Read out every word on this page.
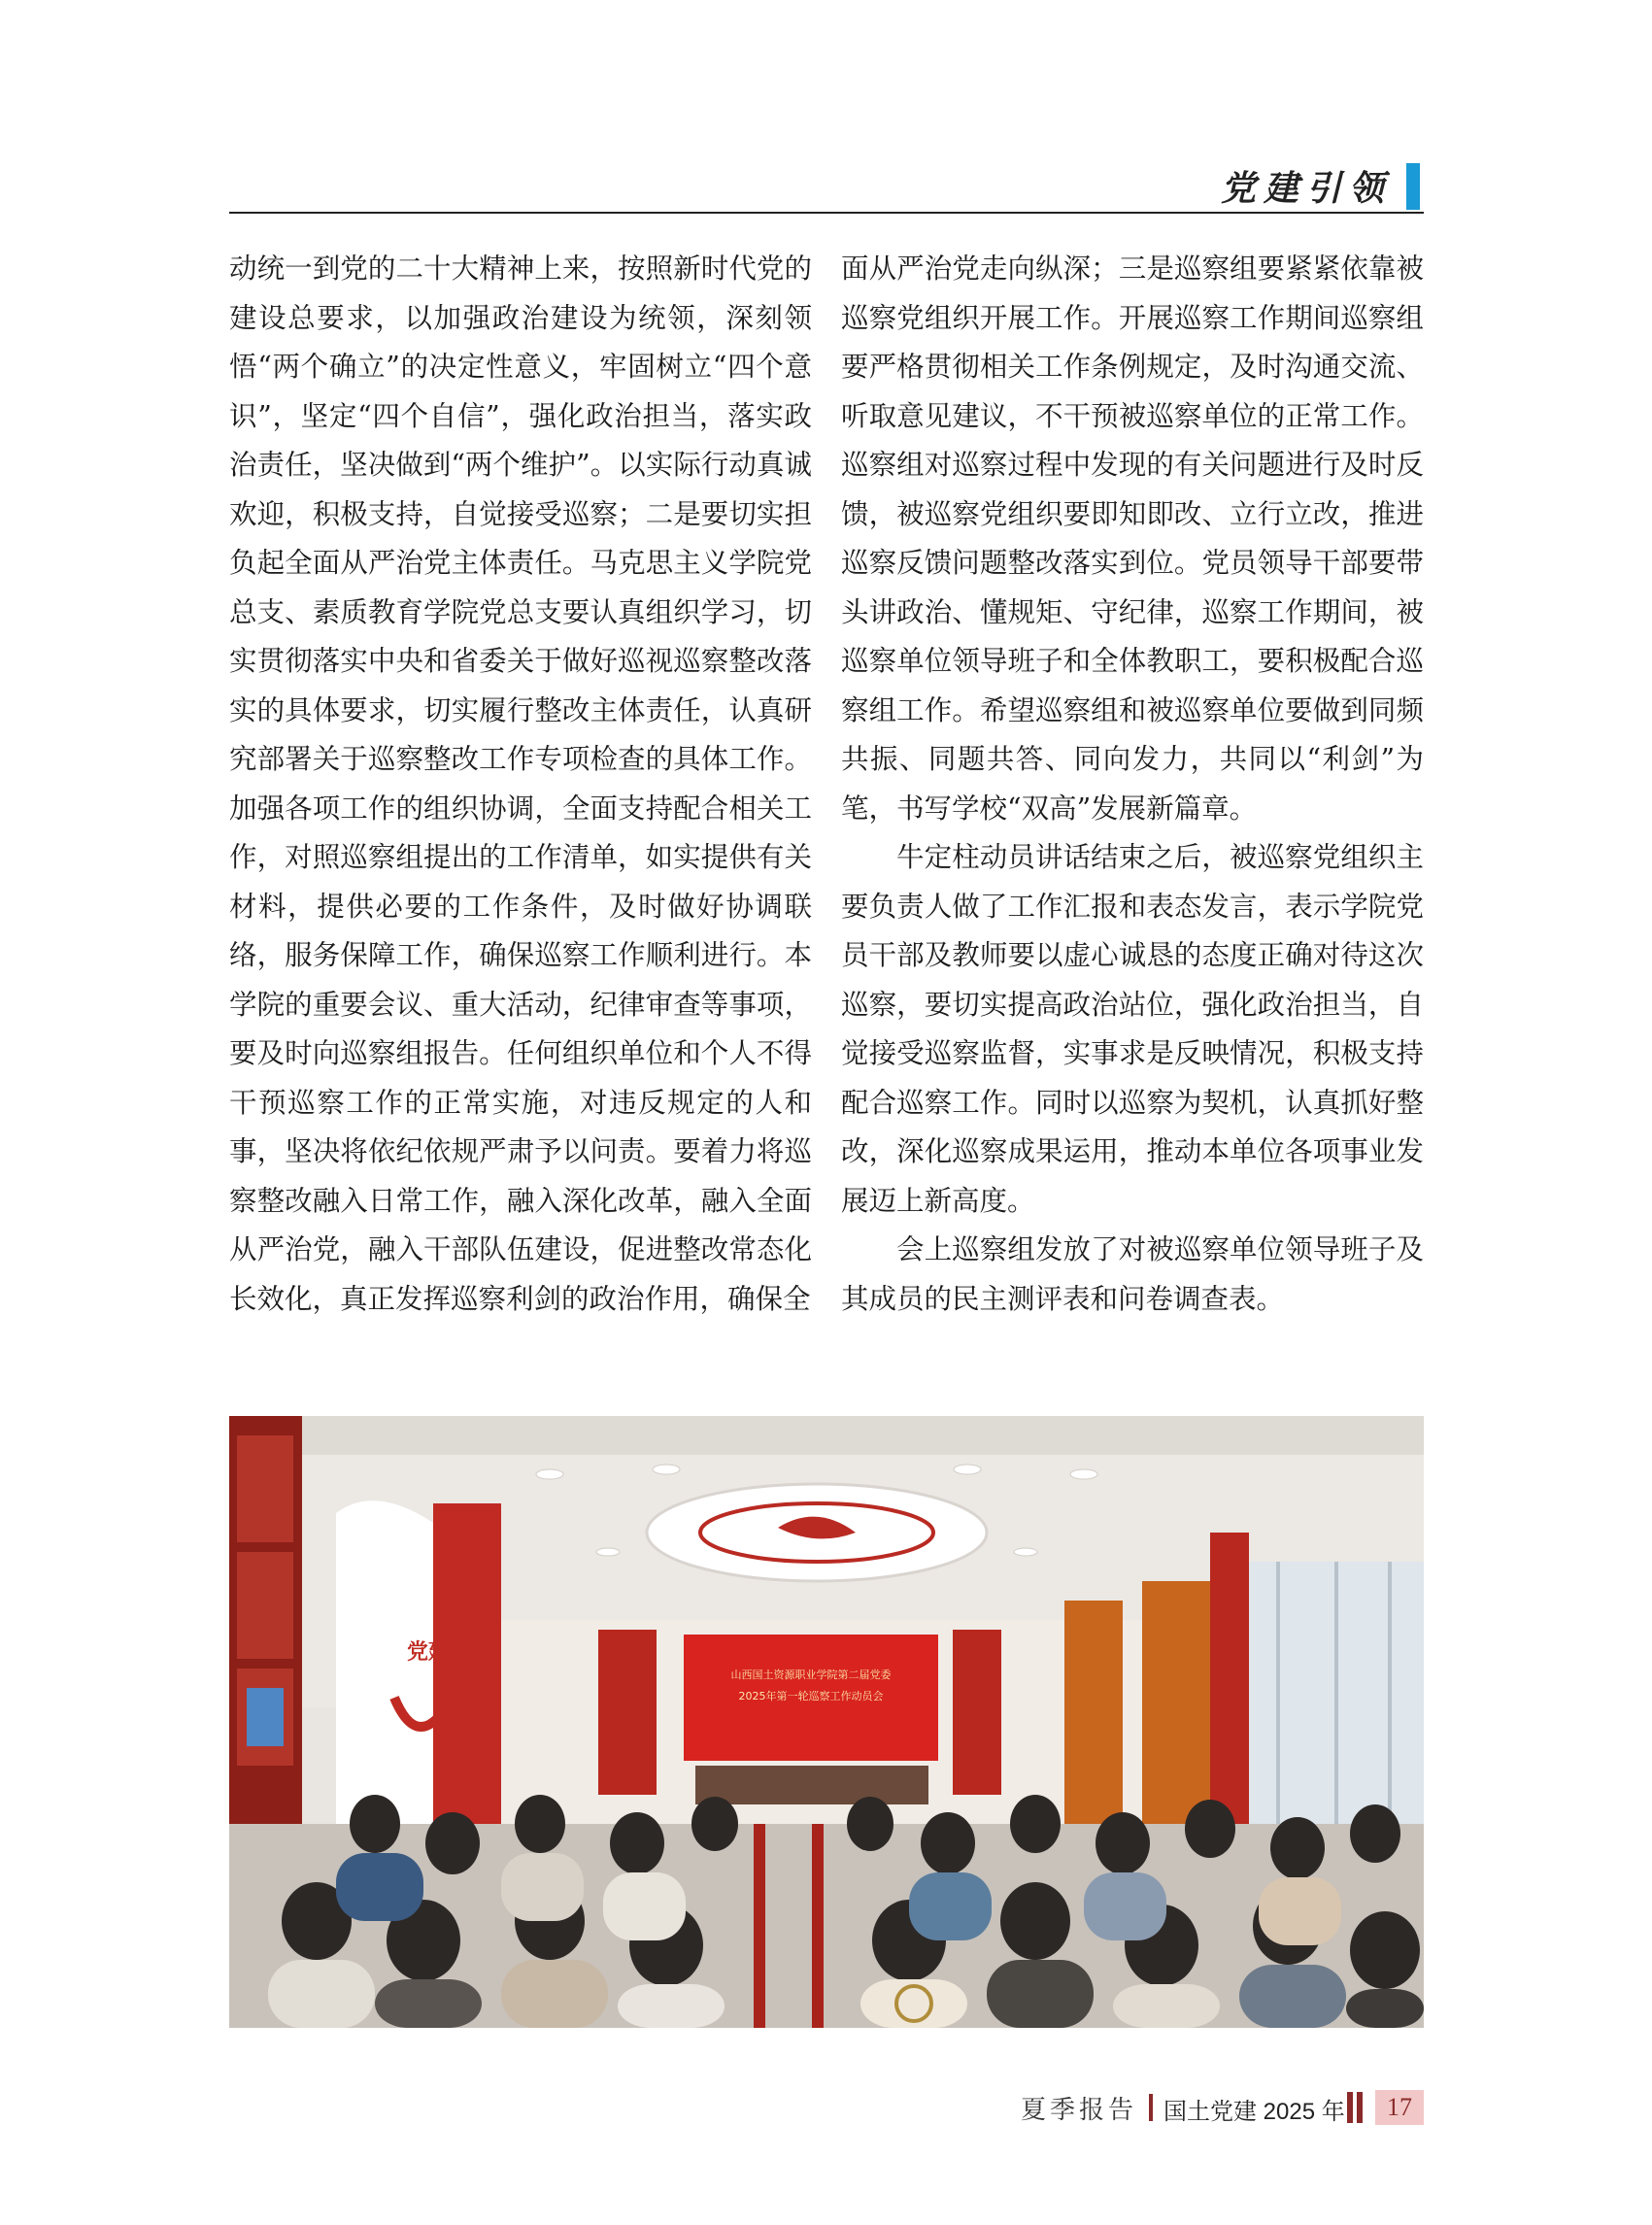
党建引领

动统一到党的二十大精神上来，按照新时代党的建设总要求，以加强政治建设为统领，深刻领悟“两个确立”的决定性意义，牢固树立“四个意识”，坚定“四个自信”，强化政治担当，落实政治责任，坚决做到“两个维护”。以实际行动真诚欢迎，积极支持，自觉接受巡察；二是要切实担负起全面从严治党主体责任。马克思主义学院党总支、素质教育学院党总支要认真组织学习，切实贯彻落实中央和省委关于做好巡视巡察整改落实的具体要求，切实履行整改主体责任，认真研究部署关于巡察整改工作专项检查的具体工作。加强各项工作的组织协调，全面支持配合相关工作，对照巡察组提出的工作清单，如实提供有关材料，提供必要的工作条件，及时做好协调联络，服务保障工作，确保巡察工作顺利进行。本学院的重要会议、重大活动，纪律审查等事项，要及时向巡察组报告。任何组织单位和个人不得干预巡察工作的正常实施，对违反规定的人和事，坚决将依纪依规严肃予以问责。要着力将巡察整改融入日常工作，融入深化改革，融入全面从严治党，融入干部队伍建设，促进整改常态化长效化，真正发挥巡察利剑的政治作用，确保全

面从严治党走向纵深；三是巡察组要紧紧依靠被巡察党组织开展工作。开展巡察工作期间巡察组要严格贯彻相关工作条例规定，及时沟通交流、听取意见建议，不干预被巡察单位的正常工作。巡察组对巡察过程中发现的有关问题进行及时反馈，被巡察党组织要即知即改、立行立改，推进巡察反馈问题整改落实到位。党员领导干部要带头讲政治、懂规矩、守纪律，巡察工作期间，被巡察单位领导班子和全体教职工，要积极配合巡察组工作。希望巡察组和被巡察单位要做到同频共振、同题共答、同向发力，共同以“利剑”为笔，书写学校“双高”发展新篇章。

牛定柱动员讲话结束之后，被巡察党组织主要负责人做了工作汇报和表态发言，表示学院党员干部及教师要以虚心诚恳的态度正确对待这次巡察，要切实提高政治站位，强化政治担当，自觉接受巡察监督，实事求是反映情况，积极支持配合巡察工作。同时以巡察为契机，认真抓好整改，深化巡察成果运用，推动本单位各项事业发展迈上新高度。

会上巡察组发放了对被巡察单位领导班子及其成员的民主测评表和问卷调查表。

党建
山西国土资源职业学院第二届党委
2025年第一轮巡察工作动员会
夏季报告 国土党建 2025 年	17
